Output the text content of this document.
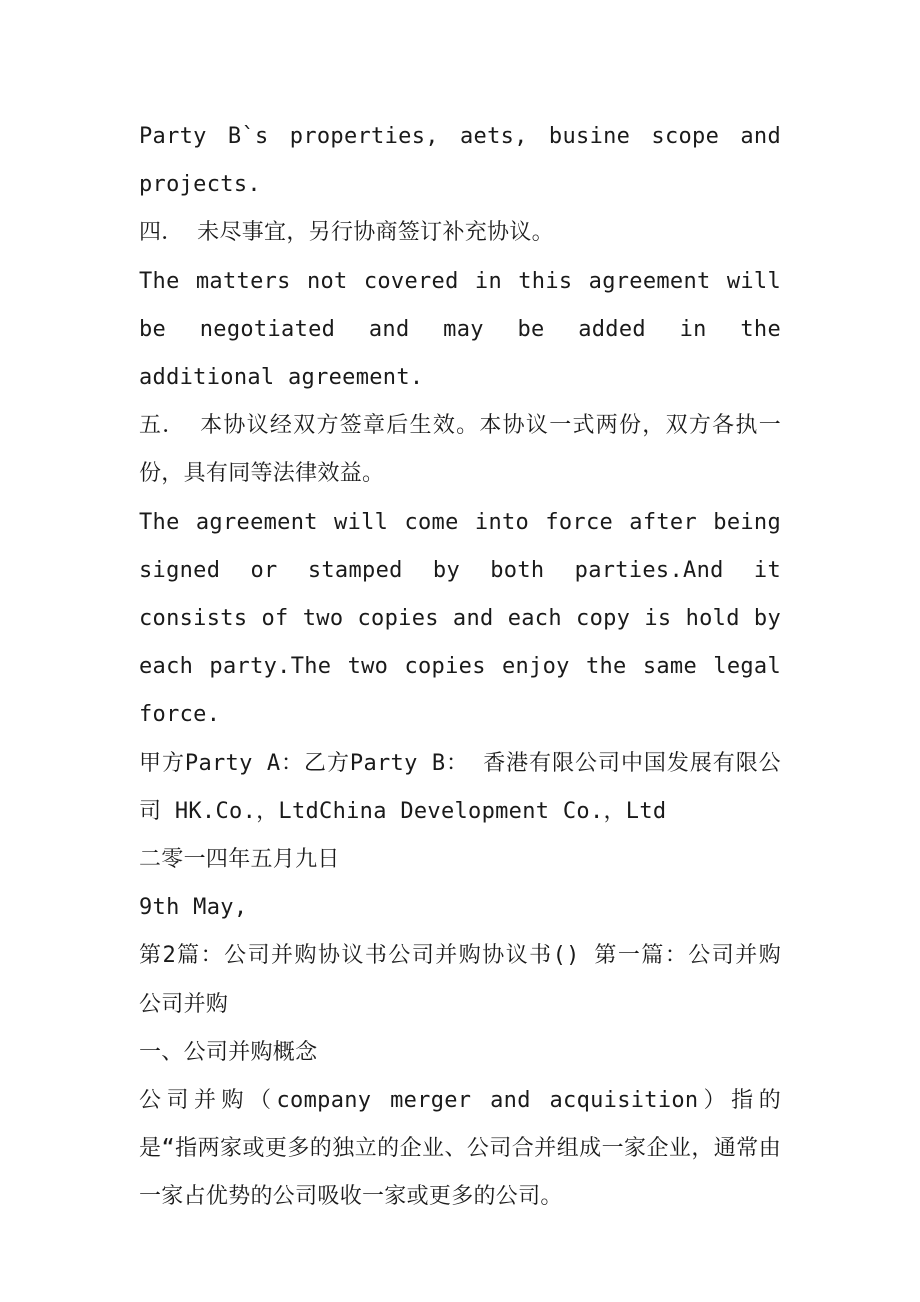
Party B`s properties, aets, busine scope and projects.

四． 未尽事宜，另行协商签订补充协议。

The matters not covered in this agreement will be negotiated and may be added in the additional agreement.

五． 本协议经双方签章后生效。本协议一式两份，双方各执一份，具有同等法律效益。

The agreement will come into force after being signed or stamped by both parties.And it consists of two copies and each copy is hold by each party.The two copies enjoy the same legal force.

甲方Party A：乙方Party B： 香港有限公司中国发展有限公司 HK.Co.，LtdChina Development Co.，Ltd

二零一四年五月九日

9th May,

第2篇：公司并购协议书公司并购协议书() 第一篇：公司并购 公司并购

一、公司并购概念

公司并购（company merger and acquisition）指的是“指两家或更多的独立的企业、公司合并组成一家企业，通常由一家占优势的公司吸收一家或更多的公司。
